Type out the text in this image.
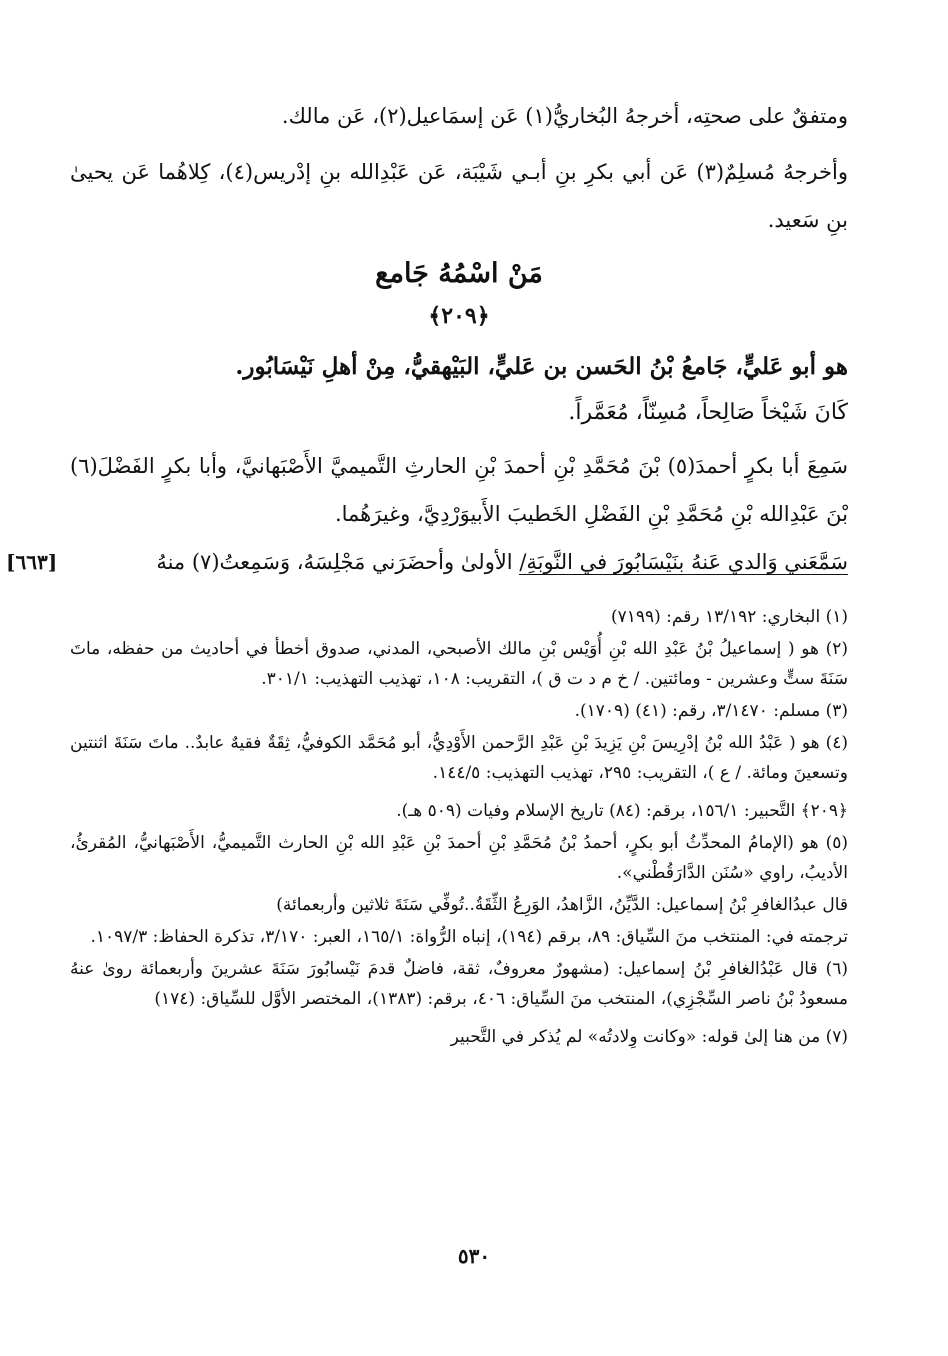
ومتفقٌ على صحتِه، أخرجهُ البُخاريُّ(١) عَن إسمَاعيل(٢)، عَن مالك.

وأخرجهُ مُسلِمٌ(٣) عَن أبي بكرِ بنِ أبـي شَيْبَة، عَن عَبْدِالله بنِ إدْريس(٤)، كِلاهُما عَن يحيىٰ بنِ سَعيد.

مَنْ اسْمُهُ جَامع

﴿٢٠٩﴾

هو أبو عَليٍّ، جَامعُ بْنُ الحَسن بن عَليٍّ، البَيْهقيُّ، مِنْ أهلِ نَيْسَابُور.

كَانَ شَيْخاً صَالِحاً، مُسِنّاً، مُعَمَّراً.

سَمِعَ أبا بكرٍ أحمدَ(٥) بْنَ مُحَمَّدِ بْنِ أحمدَ بْنِ الحارثِ التَّميميَّ الأَصْبَهانيَّ، وأبا بكرٍ الفَضْلَ(٦) بْنَ عَبْدِالله بْنِ مُحَمَّدِ بْنِ الفَضْلِ الخَطيبَ الأَبيوَرْدِيَّ، وغيرَهُما.

[٦٦٣]	سَمَّعَني وَالدي عَنهُ بنَيْسَابُورَ في النَّوبَةِ/ الأولىٰ وأحضَرَني مَجْلِسَهُ، وَسَمِعتُ(٧) منهُ

(١) البخاري: ١٣/١٩٢ رقم: (٧١٩٩)

(٢) هو ( إسماعيلُ بْنُ عَبْدِ الله بْنِ أُوَيْس بْنِ مالك الأصبحي، المدني، صدوق أخطأ في أحاديث من حفظه، ماتَ سَنَةَ ستٍّ وعشرين - ومائتين. / خ م د ت ق )، التقريب: ١٠٨، تهذيب التهذيب: ٣٠١/١.

(٣) مسلم: ٣/١٤٧٠، رقم: (٤١) (١٧٠٩).

(٤) هو ( عَبْدُ الله بْنُ إدْرِيسَ بْنِ يَزِيدَ بْنِ عَبْدِ الرَّحمن الأَوْدِيُّ، أبو مُحَمَّد الكوفيُّ، ثِقَةٌ فقيهٌ عابدٌ.. ماتَ سَنَةَ اثنتين وتسعينَ ومائة. / ع )، التقريب: ٢٩٥، تهذيب التهذيب: ١٤٤/٥.

﴿٢٠٩﴾ التَّحبير: ١٥٦/١، برقم: (٨٤) تاريخ الإسلام وفيات (٥٠٩ هـ).

(٥) هو (الإمامُ المحدِّثُ أبو بكرٍ، أحمدُ بْنُ مُحَمَّدِ بْنِ أحمدَ بْنِ عَبْدِ الله بْنِ الحارث التَّميميُّ، الأَصْبَهانيُّ، المُقرئُ، الأديبُ، راوي «سُنَن الدَّارَقُطْني».

قال عبدُالغافرِ بْنُ إسماعيل: الدَّيِّنُ، الزَّاهدُ، الوَرِعُ الثِّقَةُ..تُوفِّي سَنَةَ ثلاثين وأربعمائة)

ترجمته في: المنتخب منَ السِّياق: ٨٩، برقم (١٩٤)، إنباه الرُّواة: ١٦٥/١، العبر: ٣/١٧٠، تذكرة الحفاظ: ١٠٩٧/٣.

(٦) قال عَبْدُالغافرِ بْنُ إسماعيل: (مشهورٌ معروفٌ، ثقة، فاضلٌ قدمَ نَيْسابُورَ سَنَةَ عشرينَ وأربعمائة روىٰ عنهُ مسعودُ بْنُ ناصر السِّجْزِي)، المنتخب منَ السِّياق: ٤٠٦، برقم: (١٣٨٣)، المختصر الأوَّل للسِّياق: (١٧٤)

(٧) من هنا إلىٰ قوله: «وكانت وِلادتُه» لم يُذكر في التَّحبير

٥٣٠
